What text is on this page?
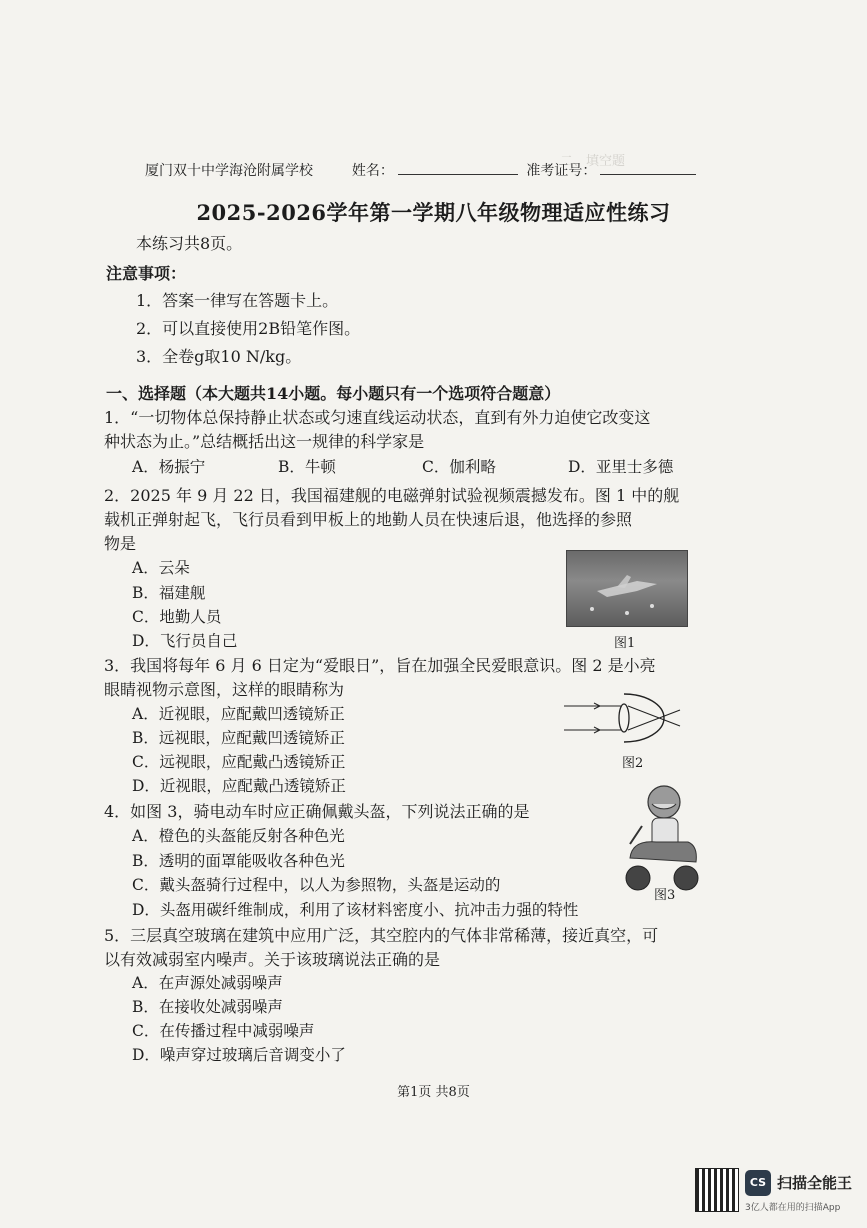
二、填空题
厦门双十中学海沧附属学校	姓名：	准考证号：
2025-2026学年第一学期八年级物理适应性练习
本练习共8页。
注意事项：
1．答案一律写在答题卡上。
2．可以直接使用2B铅笔作图。
3．全卷g取10 N/kg。
一、选择题（本大题共14小题。每小题只有一个选项符合题意）
1．“一切物体总保持静止状态或匀速直线运动状态，直到有外力迫使它改变这
种状态为止。”总结概括出这一规律的科学家是
A．杨振宁	B．牛顿	C．伽利略	D．亚里士多德
2．2025 年 9 月 22 日，我国福建舰的电磁弹射试验视频震撼发布。图 1 中的舰
载机正弹射起飞，飞行员看到甲板上的地勤人员在快速后退，他选择的参照
物是
A．云朵
B．福建舰
C．地勤人员
D．飞行员自己	图1
3．我国将每年 6 月 6 日定为“爱眼日”，旨在加强全民爱眼意识。图 2 是小亮
眼睛视物示意图，这样的眼睛称为
A．近视眼，应配戴凹透镜矫正
B．远视眼，应配戴凹透镜矫正
C．远视眼，应配戴凸透镜矫正
D．近视眼，应配戴凸透镜矫正
图2
4．如图 3，骑电动车时应正确佩戴头盔，下列说法正确的是
A．橙色的头盔能反射各种色光
B．透明的面罩能吸收各种色光
C．戴头盔骑行过程中，以人为参照物，头盔是运动的
D．头盔用碳纤维制成，利用了该材料密度小、抗冲击力强的特性
图3
5．三层真空玻璃在建筑中应用广泛，其空腔内的气体非常稀薄，接近真空，可
以有效减弱室内噪声。关于该玻璃说法正确的是
A．在声源处减弱噪声
B．在接收处减弱噪声
C．在传播过程中减弱噪声
D．噪声穿过玻璃后音调变小了
第1页 共8页
CS 扫描全能王
3亿人都在用的扫描App
